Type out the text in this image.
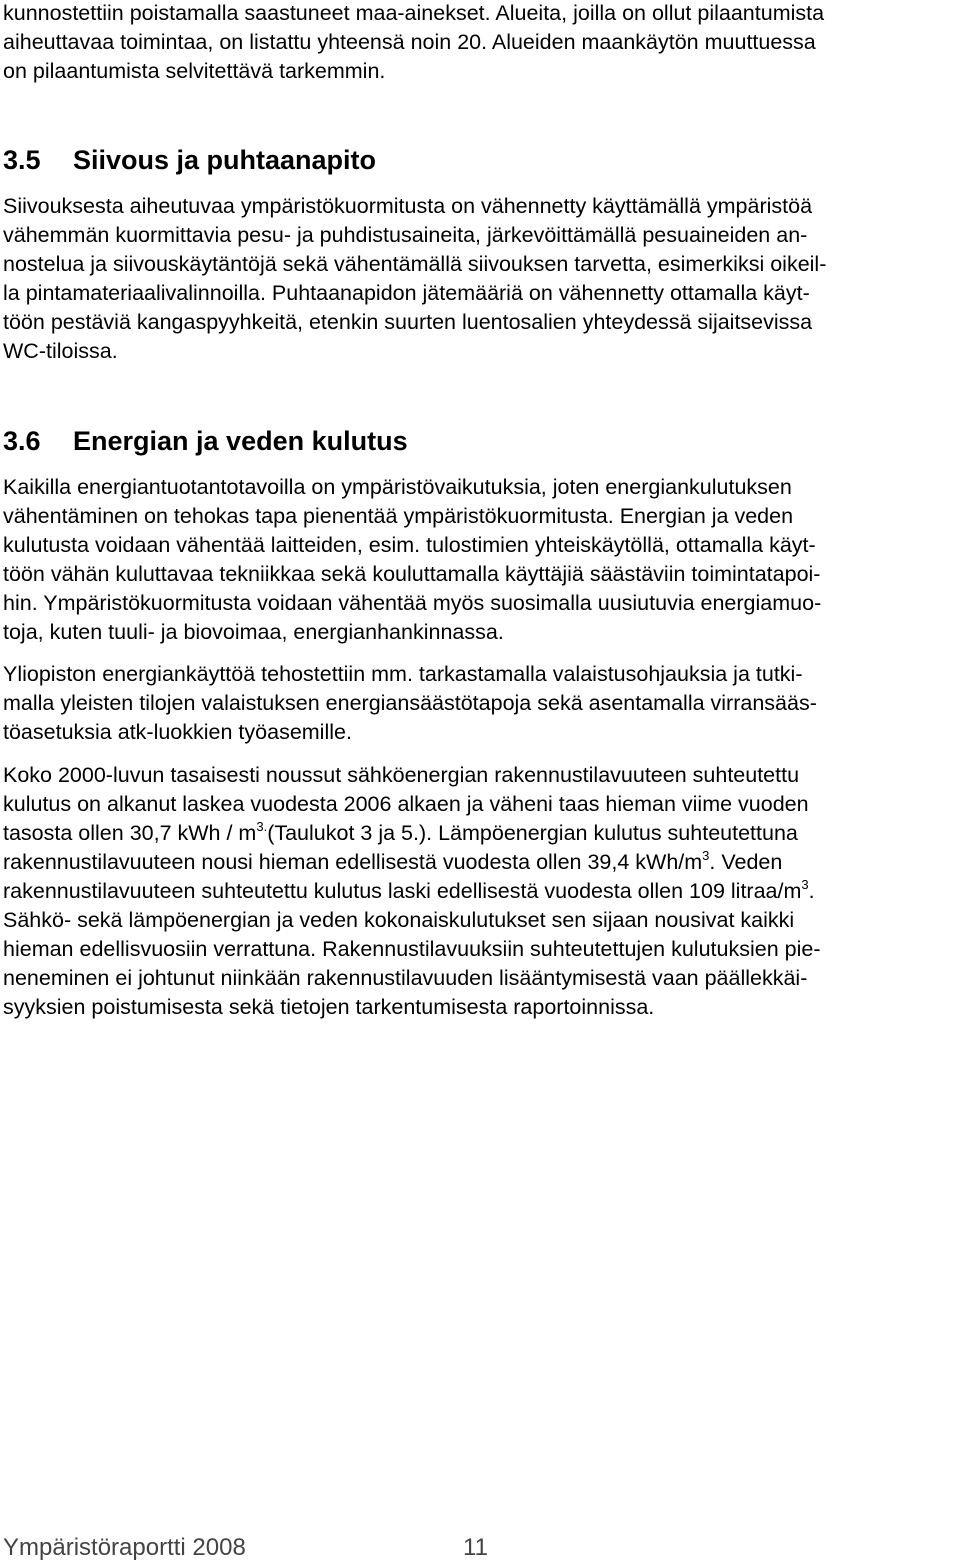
kunnostettiin poistamalla saastuneet maa-ainekset. Alueita, joilla on ollut pilaantumista
aiheuttavaa toimintaa, on listattu yhteensä noin 20. Alueiden maankäytön muuttuessa
on pilaantumista selvitettävä tarkemmin.

3.5 Siivous ja puhtaanapito

Siivouksesta aiheutuvaa ympäristökuormitusta on vähennetty käyttämällä ympäristöä
vähemmän kuormittavia pesu- ja puhdistusaineita, järkevöittämällä pesuaineiden an-
nostelua ja siivouskäytäntöjä sekä vähentämällä siivouksen tarvetta, esimerkiksi oikeil-
la pintamateriaalivalinnoilla. Puhtaanapidon jätemääriä on vähennetty ottamalla käyt-
töön pestäviä kangaspyyhkeitä, etenkin suurten luentosalien yhteydessä sijaitsevissa
WC-tiloissa.

3.6 Energian ja veden kulutus

Kaikilla energiantuotantotavoilla on ympäristövaikutuksia, joten energiankulutuksen
vähentäminen on tehokas tapa pienentää ympäristökuormitusta. Energian ja veden
kulutusta voidaan vähentää laitteiden, esim. tulostimien yhteiskäytöllä, ottamalla käyt-
töön vähän kuluttavaa tekniikkaa sekä kouluttamalla käyttäjiä säästäviin toimintatapoi-
hin. Ympäristökuormitusta voidaan vähentää myös suosimalla uusiutuvia energiamuo-
toja, kuten tuuli- ja biovoimaa, energianhankinnassa.

Yliopiston energiankäyttöä tehostettiin mm. tarkastamalla valaistusohjauksia ja tutki-
malla yleisten tilojen valaistuksen energiansäästötapoja sekä asentamalla virransääs-
töasetuksia atk-luokkien työasemille.

Koko 2000-luvun tasaisesti noussut sähköenergian rakennustilavuuteen suhteutettu
kulutus on alkanut laskea vuodesta 2006 alkaen ja väheni taas hieman viime vuoden
tasosta ollen 30,7 kWh / $m^{3.}(Taulukot$ 3 ja 5.). Lämpöenergian kulutus suhteutettuna
rakennustilavuuteen nousi hieman edellisestä vuodesta ollen 39,4 kWh/$m^3$. Veden
rakennustilavuuteen suhteutettu kulutus laski edellisestä vuodesta ollen 109 litraa/$m^3$.
Sähkö- sekä lämpöenergian ja veden kokonaiskulutukset sen sijaan nousivat kaikki
hieman edellisvuosiin verrattuna. Rakennustilavuuksiin suhteutettujen kulutuksien pie-
neneminen ei johtunut niinkään rakennustilavuuden lisääntymisestä vaan päällekkäi-
syyksien poistumisesta sekä tietojen tarkentumisesta raportoinnissa.

Ympäristöraportti 2008	11
